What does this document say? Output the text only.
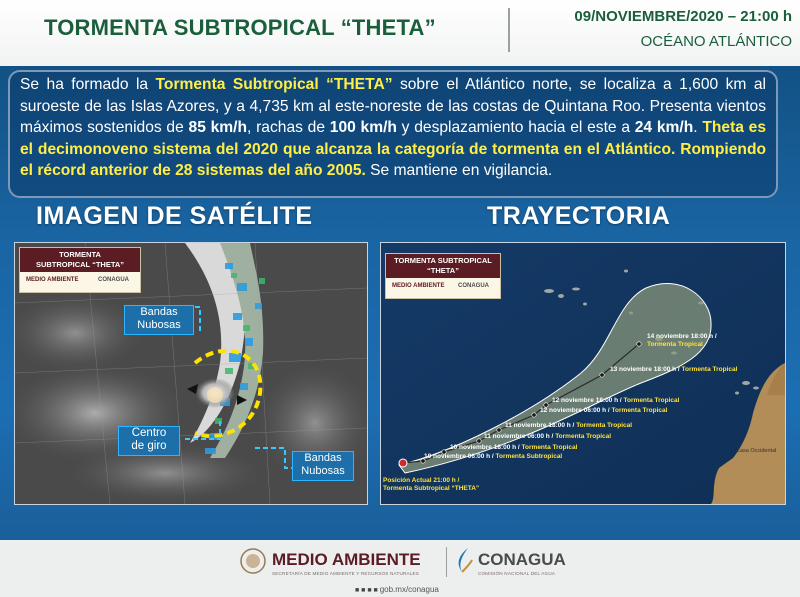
TORMENTA SUBTROPICAL “THETA”	09/NOVIEMBRE/2020 – 21:00 h
OCÉANO ATLÁNTICO

Se ha formado la Tormenta Subtropical “THETA” sobre el Atlántico norte, se localiza a 1,600 km al suroeste de las Islas Azores, y a 4,735 km al este-noreste de las costas de Quintana Roo. Presenta vientos máximos sostenidos de 85 km/h, rachas de 100 km/h y desplazamiento hacia el este a 24 km/h. Theta es el decimonoveno sistema del 2020 que alcanza la categoría de tormenta en el Atlántico. Rompiendo el récord anterior de 28 sistemas del año 2005. Se mantiene en vigilancia.

IMAGEN DE SATÉLITE	TRAYECTORIA
TORMENTA
SUBTROPICAL “THETA”
MEDIO AMBIENTE	CONAGUA
Bandas
Nubosas
Centro
de giro
Bandas
Nubosas
TORMENTA SUBTROPICAL
“THETA”
MEDIO AMBIENTE CONAGUA
14 noviembre 18:00 h /
Tormenta Tropical
13 noviembre 18:00 h / Tormenta Tropical
12 noviembre 18:00 h / Tormenta Tropical
12 noviembre 06:00 h / Tormenta Tropical
11 noviembre 18:00 h / Tormenta Tropical
11 noviembre 06:00 h / Tormenta Tropical
10 noviembre 18:00 h / Tormenta Tropical
10 noviembre 06:00 h / Tormenta Subtropical
Posición Actual 21:00 h /
Tormenta Subtropical “THETA”
Casa Occidental
MEDIO AMBIENTE
SECRETARÍA DE MEDIO AMBIENTE Y RECURSOS NATURALES
CONAGUA
COMISIÓN NACIONAL DEL AGUA
■ ■ ■ ■ gob.mx/conagua
